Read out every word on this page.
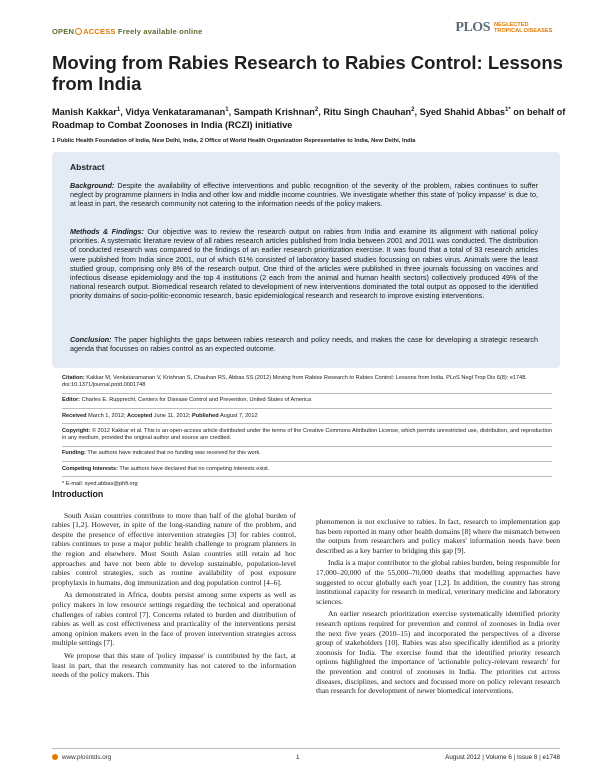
OPEN ACCESS Freely available online	PLOS NEGLECTED
TROPICAL DISEASES
Moving from Rabies Research to Rabies Control: Lessons from India
Manish Kakkar$^1$, Vidya Venkataramanan$^1$, Sampath Krishnan$^2$, Ritu Singh Chauhan$^2$, Syed Shahid Abbas$^{1*}$ on behalf of Roadmap to Combat Zoonoses in India (RCZI) initiative
1 Public Health Foundation of India, New Delhi, India, 2 Office of World Health Organization Representative to India, New Delhi, India
Abstract
Background: Despite the availability of effective interventions and public recognition of the severity of the problem, rabies continues to suffer neglect by programme planners in India and other low and middle income countries. We investigate whether this state of 'policy impasse' is due to, at least in part, the research community not catering to the information needs of the policy makers.
Methods & Findings: Our objective was to review the research output on rabies from India and examine its alignment with national policy priorities. A systematic literature review of all rabies research articles published from India between 2001 and 2011 was conducted. The distribution of conducted research was compared to the findings of an earlier research prioritization exercise. It was found that a total of 93 research articles were published from India since 2001, out of which 61% consisted of laboratory based studies focussing on rabies virus. Animals were the least studied group, comprising only 8% of the research output. One third of the articles were published in three journals focussing on vaccines and infectious disease epidemiology and the top 4 institutions (2 each from the animal and human health sectors) collectively produced 49% of the national research output. Biomedical research related to development of new interventions dominated the total output as opposed to the identified priority domains of socio-politic-economic research, basic epidemiological research and research to improve existing interventions.
Conclusion: The paper highlights the gaps between rabies research and policy needs, and makes the case for developing a strategic research agenda that focusses on rabies control as an expected outcome.
Citation: Kakkar M, Venkataramanan V, Krishnan S, Chauhan RS, Abbas SS (2012) Moving from Rabies Research to Rabies Control: Lessons from India. PLoS Negl Trop Dis 6(8): e1748. doi:10.1371/journal.pntd.0001748
Editor: Charles E. Rupprecht, Centers for Disease Control and Prevention, United States of America
Received March 1, 2012; Accepted June 11, 2012; Published August 7, 2012
Copyright: © 2012 Kakkar et al. This is an open-access article distributed under the terms of the Creative Commons Attribution License, which permits unrestricted use, distribution, and reproduction in any medium, provided the original author and source are credited.
Funding: The authors have indicated that no funding was received for this work.
Competing Interests: The authors have declared that no competing interests exist.
* E-mail: syed.abbas@phfi.org
Introduction

South Asian countries contribute to more than half of the global burden of rabies [1,2]. However, in spite of the long-standing nature of the problem, and despite the presence of effective intervention strategies [3] for rabies control, rabies continues to pose a major public health challenge to program planners in the region and elsewhere. Most South Asian countries still retain ad hoc approaches and have not been able to develop sustainable, population-level rabies control strategies, such as routine availability of post exposure prophylaxis in humans, dog immunization and dog population control [4–6].

As demonstrated in Africa, doubts persist among some experts as well as policy makers in low resource settings regarding the technical and operational challenges of rabies control [7]. Concerns related to burden and distribution of rabies as well as cost effectiveness and practicality of the interventions persist among opinion makers even in the face of proven intervention strategies across multiple settings [7].

We propose that this state of 'policy impasse' is contributed by the fact, at least in part, that the research community has not catered to the information needs of the policy makers. This

phenomenon is not exclusive to rabies. In fact, research to implementation gap has been reported in many other health domains [8] where the mismatch between the outputs from researchers and policy makers' information needs have been described as a key barrier to bridging this gap [9].

India is a major contributor to the global rabies burden, being responsible for 17,000–20,000 of the 55,000–70,000 deaths that modelling approaches have suggested to occur globally each year [1,2]. In addition, the country has strong institutional capacity for research in medical, veterinary medicine and laboratory sciences.

An earlier research prioritization exercise systematically identified priority research options required for prevention and control of zoonoses in India over the next five years (2010–15) and incorporated the perspectives of a diverse group of stakeholders [10]. Rabies was also specifically identified as a priority zoonosis for India. The exercise found that the identified priority research options highlighted the importance of 'actionable policy-relevant research' for the prevention and control of zoonoses in India. The priorities cut across diseases, disciplines, and sectors and focussed more on policy relevant research than research for development of newer biomedical interventions.

www.plosntds.org	1	August 2012 | Volume 6 | Issue 8 | e1748
